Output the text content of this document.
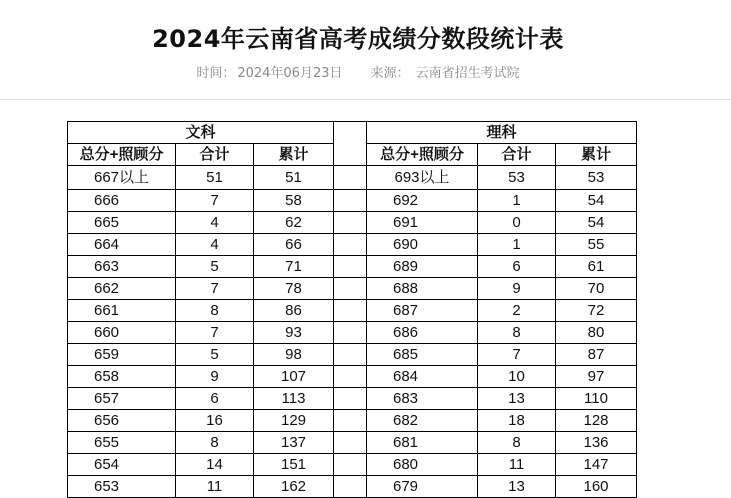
2024年云南省高考成绩分数段统计表
时间： 2024年06月23日 来源： 云南省招生考试院
文科				理科		
总分+照顾分	合计	累计		总分+照顾分	合计	累计
667以上	51	51		693以上	53	53
666	7	58		692	1	54
665	4	62		691	0	54
664	4	66		690	1	55
663	5	71		689	6	61
662	7	78		688	9	70
661	8	86		687	2	72
660	7	93		686	8	80
659	5	98		685	7	87
658	9	107		684	10	97
657	6	113		683	13	110
656	16	129		682	18	128
655	8	137		681	8	136
654	14	151		680	11	147
653	11	162		679	13	160
